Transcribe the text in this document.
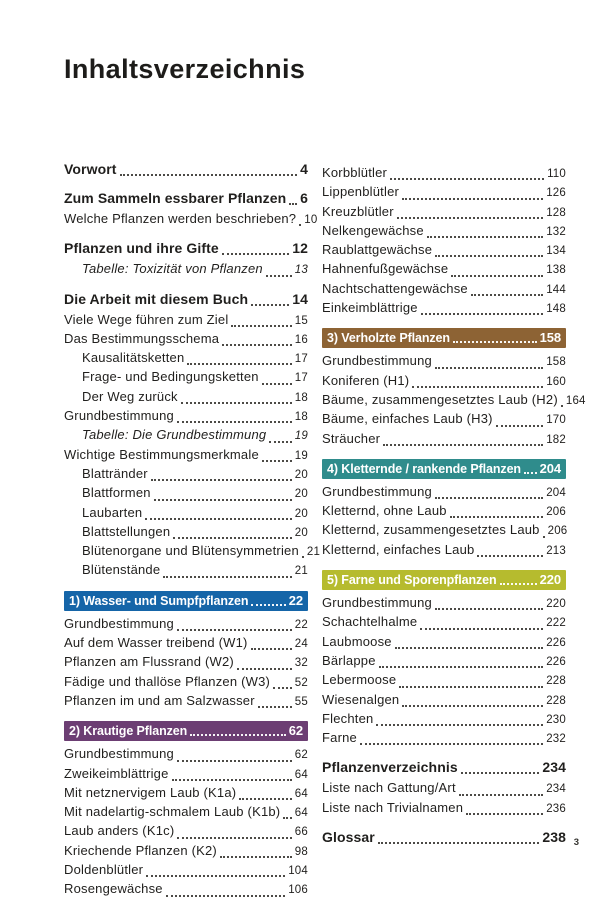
Inhaltsverzeichnis
Vorwort	4
Zum Sammeln essbarer Pflanzen 6
Welche Pflanzen werden beschrieben? 10
Pflanzen und ihre Gifte	12
Tabelle: Toxizität von Pflanzen	13
Die Arbeit mit diesem Buch	14
Viele Wege führen zum Ziel	15
Das Bestimmungsschema	16
Kausalitätsketten	17
Frage- und Bedingungsketten	17
Der Weg zurück	18
Grundbestimmung	18
Tabelle: Die Grundbestimmung 19
Wichtige Bestimmungsmerkmale	19
Blattränder	20
Blattformen	20
Laubarten	20
Blattstellungen	20
Blütenorgane und Blütensymmetrien 21
Blütenstände	21
1) Wasser- und Sumpfpflanzen	22
Grundbestimmung	22
Auf dem Wasser treibend (W1)	24
Pflanzen am Flussrand (W2)	32
Fädige und thallöse Pflanzen (W3) 52
Pflanzen im und am Salzwasser	55
2) Krautige Pflanzen	62
Grundbestimmung	62
Zweikeimblättrige	64
Mit netznervigem Laub (K1a)	64
Mit nadelartig-schmalem Laub (K1b) 64
Laub anders (K1c)	66
Kriechende Pflanzen (K2)	98
Doldenblütler	104
Rosengewächse	106
Korbblütler	110
Lippenblütler	126
Kreuzblütler	128
Nelkengewächse	132
Raublattgewächse	134
Hahnenfußgewächse	138
Nachtschattengewächse	144
Einkeimblättrige	148
3) Verholzte Pflanzen	158
Grundbestimmung	158
Koniferen (H1)	160
Bäume, zusammengesetztes Laub (H2) 164
Bäume, einfaches Laub (H3)	170
Sträucher	182
4) Kletternde / rankende Pflanzen 204
Grundbestimmung	204
Kletternd, ohne Laub	206
Kletternd, zusammengesetztes Laub 206
Kletternd, einfaches Laub	213
5) Farne und Sporenpflanzen	220
Grundbestimmung	220
Schachtelhalme	222
Laubmoose	226
Bärlappe	226
Lebermoose	228
Wiesenalgen	228
Flechten	230
Farne	232
Pflanzenverzeichnis	234
Liste nach Gattung/Art	234
Liste nach Trivialnamen	236
Glossar	238 3
